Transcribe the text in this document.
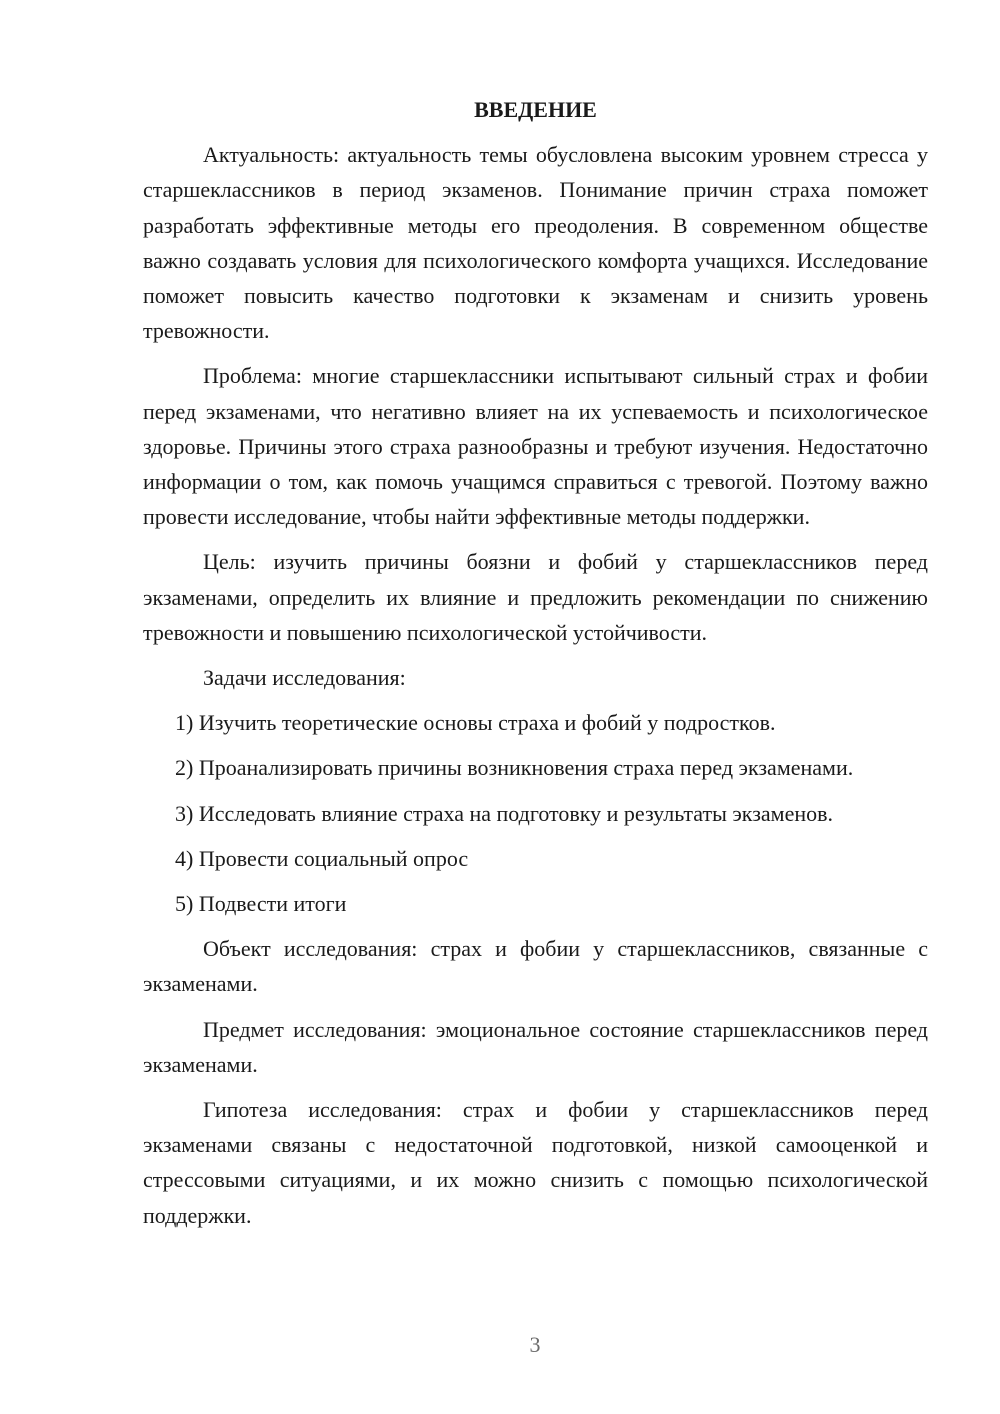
ВВЕДЕНИЕ

Актуальность: актуальность темы обусловлена высоким уровнем стресса у старшеклассников в период экзаменов. Понимание причин страха поможет разработать эффективные методы его преодоления. В современном обществе важно создавать условия для психологического комфорта учащихся. Исследование поможет повысить качество подготовки к экзаменам и снизить уровень тревожности.

Проблема: многие старшеклассники испытывают сильный страх и фобии перед экзаменами, что негативно влияет на их успеваемость и психологическое здоровье. Причины этого страха разнообразны и требуют изучения. Недостаточно информации о том, как помочь учащимся справиться с тревогой. Поэтому важно провести исследование, чтобы найти эффективные методы поддержки.

Цель: изучить причины боязни и фобий у старшеклассников перед экзаменами, определить их влияние и предложить рекомендации по снижению тревожности и повышению психологической устойчивости.

Задачи исследования:

1) Изучить теоретические основы страха и фобий у подростков.

2) Проанализировать причины возникновения страха перед экзаменами.

3) Исследовать влияние страха на подготовку и результаты экзаменов.

4) Провести социальный опрос

5) Подвести итоги

Объект исследования: страх и фобии у старшеклассников, связанные с экзаменами.

Предмет исследования: эмоциональное состояние старшеклассников перед экзаменами.

Гипотеза исследования: страх и фобии у старшеклассников перед экзаменами связаны с недостаточной подготовкой, низкой самооценкой и стрессовыми ситуациями, и их можно снизить с помощью психологической поддержки.

3
